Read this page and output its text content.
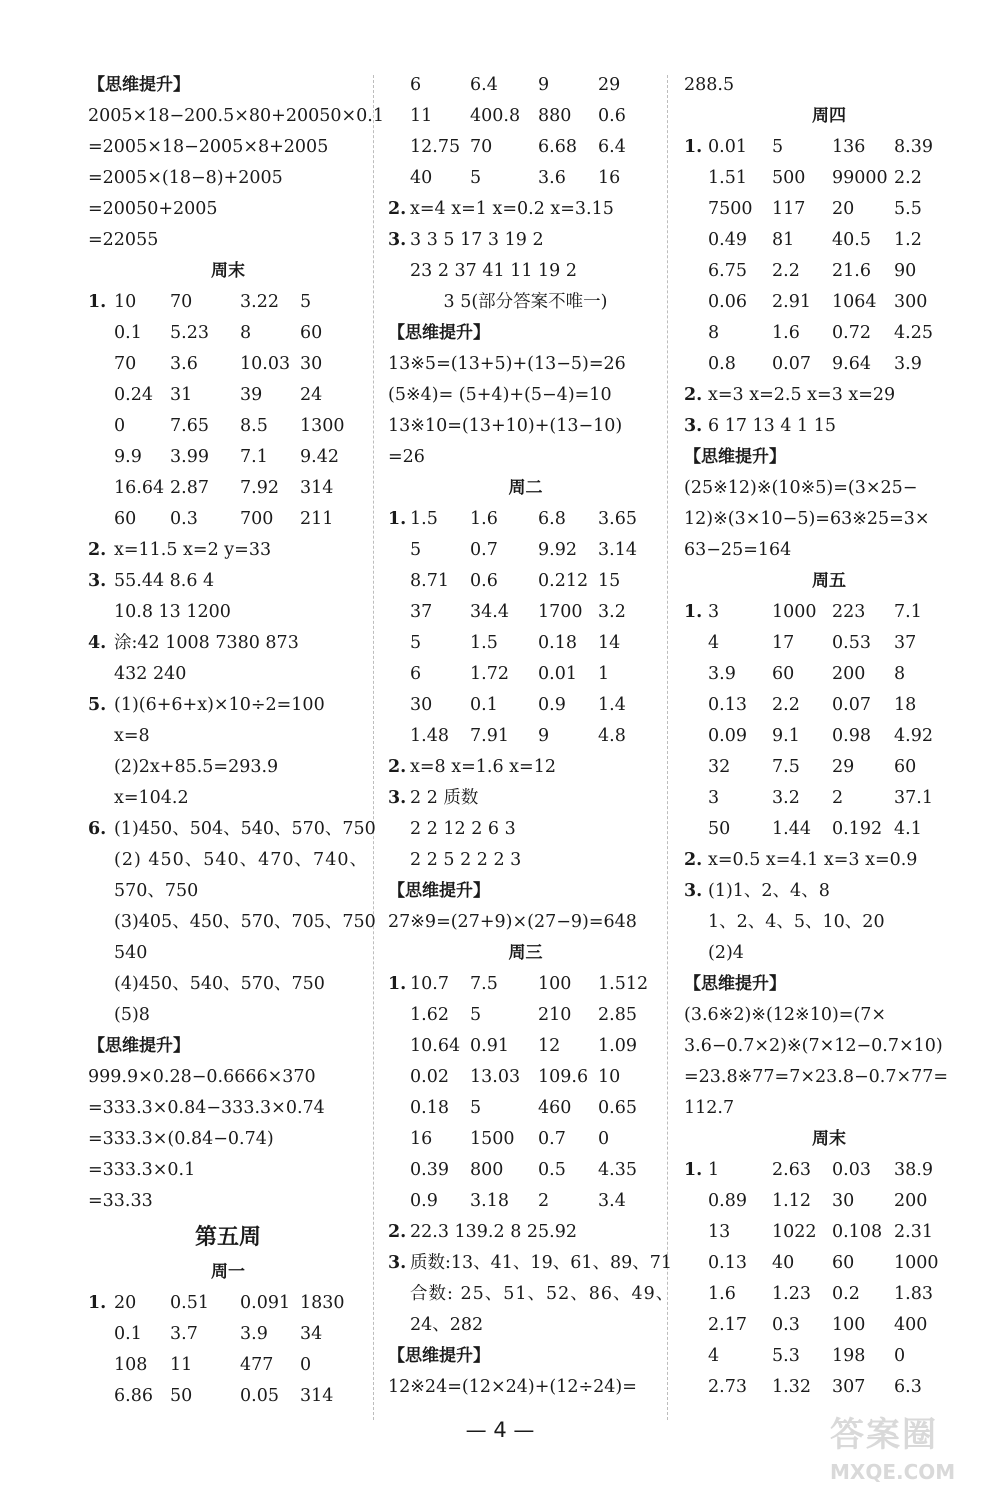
【思维提升】
2005×18−200.5×80+20050×0.1
=2005×18−2005×8+2005
=2005×(18−8)+2005
=20050+2005
=22055
周末
1. 10 70	3.22 5
0.1 5.23 8	60
70 3.6 10.03 30
0.24 31	39 24
0	7.65 8.5 1300
9.9 3.99 7.1 9.42
16.64 2.87 7.92 314
60 0.3 700 211
2. x=11.5 x=2 y=33
3. 55.44 8.6 4
10.8 13 1200
4. 涂:42 1008 7380 873
432 240
5. (1)(6+6+x)×10÷2=100
x=8
(2)2x+85.5=293.9
x=104.2
6. (1)450、504、540、570、750
(2) 450、540、470、740、
570、750
(3)405、450、570、705、750
540
(4)450、540、570、750
(5)8
【思维提升】
999.9×0.28−0.6666×370
=333.3×0.84−333.3×0.74
=333.3×(0.84−0.74)
=333.3×0.1
=33.33
第五周
周一
1. 20 0.51 0.091 1830
0.1 3.7 3.9 34
108 11	477 0
6.86 50	0.05 314
6	6.4 9	29
11 400.8 880 0.6
12.75 70	6.68 6.4
40 5	3.6 16
2. x=4 x=1 x=0.2 x=3.15
3. 3 3 5 17 3 19 2
23 2 37 41 11 19 2
3 5(部分答案不唯一)
【思维提升】
13※5=(13+5)+(13−5)=26
(5※4)= (5+4)+(5−4)=10
13※10=(13+10)+(13−10)
=26
周二
1. 1.5 1.6 6.8 3.65
5	0.7 9.92 3.14
8.71 0.6 0.212 15
37 34.4 1700 3.2
5	1.5 0.18 14
6	1.72 0.01 1
30 0.1 0.9 1.4
1.48 7.91 9	4.8
2. x=8 x=1.6 x=12
3. 2 2 质数
2 2 12 2 6 3
2 2 5 2 2 2 3
【思维提升】
27※9=(27+9)×(27−9)=648
周三
1. 10.7 7.5 100 1.512
1.62 5	210 2.85
10.64 0.91 12 1.09
0.02 13.03 109.6 10
0.18 5	460 0.65
16 1500 0.7 0
0.39 800 0.5 4.35
0.9 3.18 2	3.4
2. 22.3 139.2 8 25.92
3. 质数:13、41、19、61、89、71
合数: 25、51、52、86、49、
24、282
【思维提升】
12※24=(12×24)+(12÷24)=
288.5
周四
1. 0.01 5	136 8.39
1.51 500 99000 2.2
7500 117 20 5.5
0.49 81 40.5 1.2
6.75 2.2 21.6 90
0.06 2.91 1064 300
8	1.6 0.72 4.25
0.8 0.07 9.64 3.9
2. x=3 x=2.5 x=3 x=29
3. 6 17 13 4 1 15
【思维提升】
(25※12)※(10※5)=(3×25−
12)※(3×10−5)=63※25=3×
63−25=164
周五
1. 3	1000 223 7.1
4	17 0.53 37
3.9 60 200 8
0.13 2.2 0.07 18
0.09 9.1 0.98 4.92
32 7.5 29 60
3	3.2 2	37.1
50 1.44 0.192 4.1
2. x=0.5 x=4.1 x=3 x=0.9
3. (1)1、2、4、8
1、2、4、5、10、20
(2)4
【思维提升】
(3.6※2)※(12※10)=(7×
3.6−0.7×2)※(7×12−0.7×10)
=23.8※77=7×23.8−0.7×77=
112.7
周末
1. 1	2.63 0.03 38.9
0.89 1.12 30 200
13 1022 0.108 2.31
0.13 40 60 1000
1.6 1.23 0.2 1.83
2.17 0.3 100 400
4	5.3 198 0
2.73 1.32 307 6.3
— 4 —	答案圈
MXQE.COM
